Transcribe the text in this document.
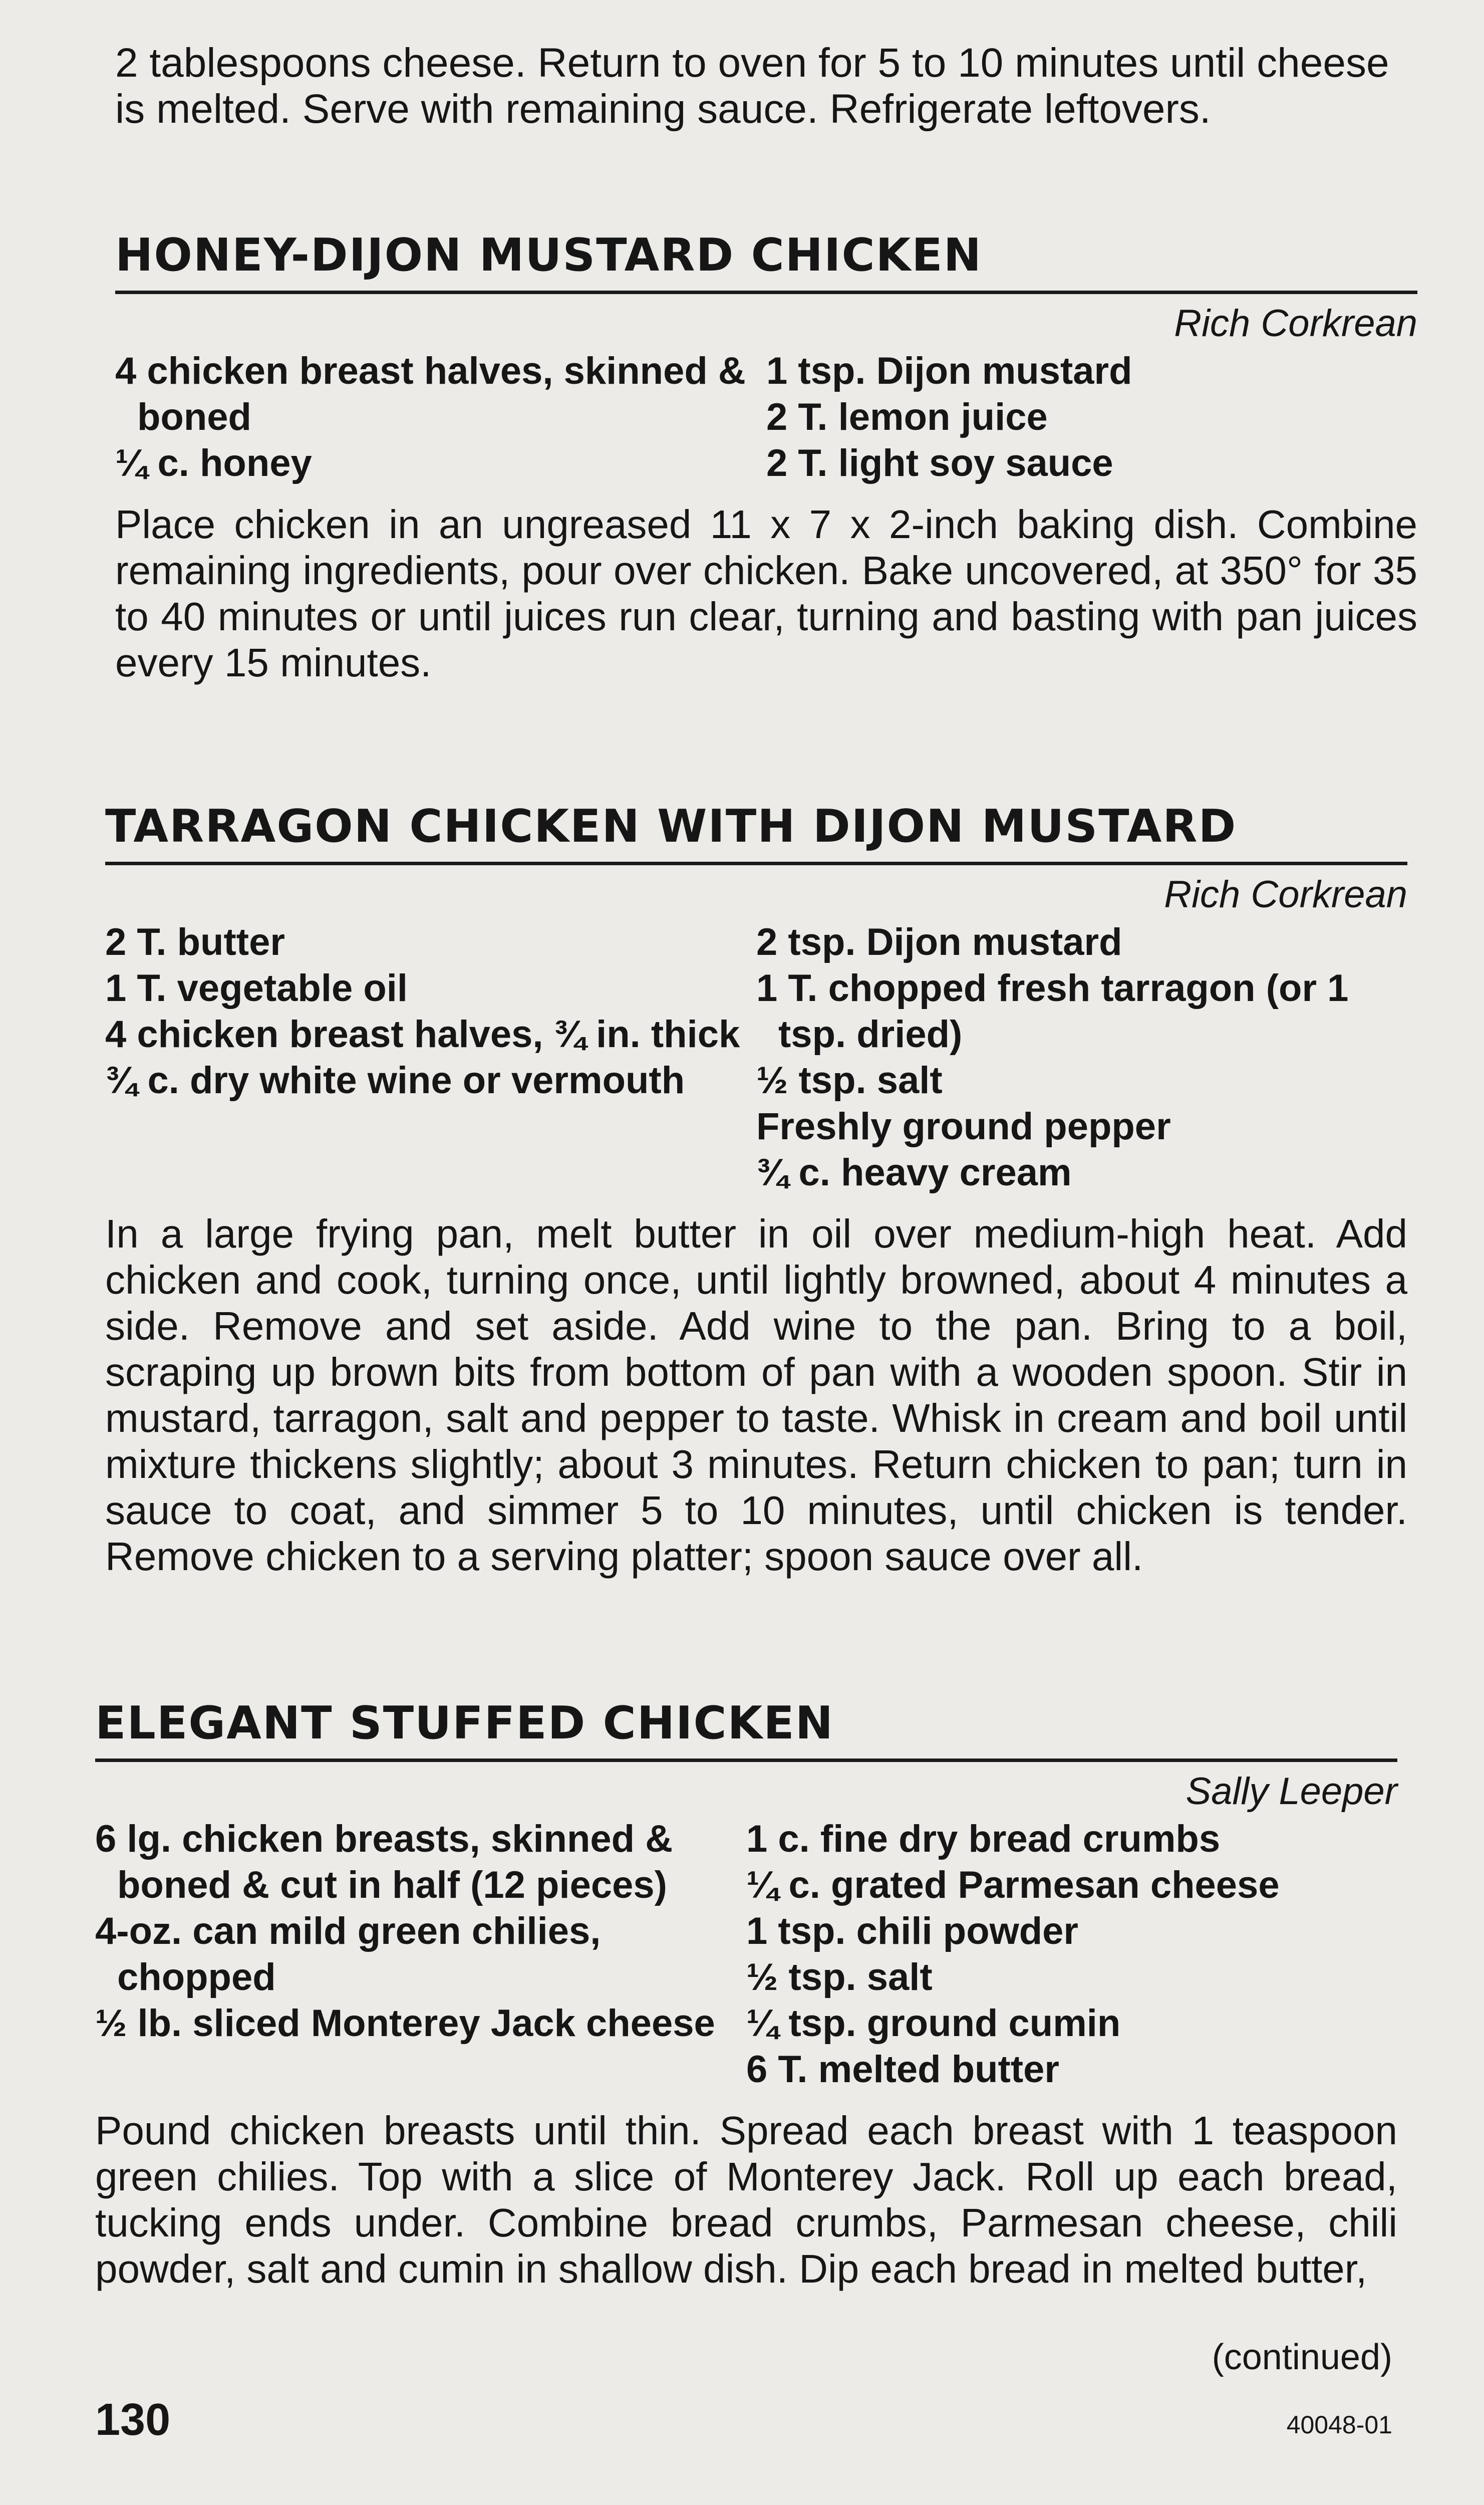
2 tablespoons cheese. Return to oven for 5 to 10 minutes until cheese is melted. Serve with remaining sauce. Refrigerate leftovers.

HONEY-DIJON MUSTARD CHICKEN

Rich Corkrean

4 chicken breast halves, skinned & boned
¼ c. honey
1 tsp. Dijon mustard
2 T. lemon juice
2 T. light soy sauce

Place chicken in an ungreased 11 x 7 x 2-inch baking dish. Combine remaining ingredients, pour over chicken. Bake uncovered, at 350° for 35 to 40 minutes or until juices run clear, turning and basting with pan juices every 15 minutes.

TARRAGON CHICKEN WITH DIJON MUSTARD

Rich Corkrean

2 T. butter
1 T. vegetable oil
4 chicken breast halves, ¾ in. thick
¾ c. dry white wine or vermouth
2 tsp. Dijon mustard
1 T. chopped fresh tarragon (or 1 tsp. dried)
½ tsp. salt
Freshly ground pepper
¾ c. heavy cream

In a large frying pan, melt butter in oil over medium-high heat. Add chicken and cook, turning once, until lightly browned, about 4 minutes a side. Remove and set aside. Add wine to the pan. Bring to a boil, scraping up brown bits from bottom of pan with a wooden spoon. Stir in mustard, tarragon, salt and pepper to taste. Whisk in cream and boil until mixture thickens slightly; about 3 minutes. Return chicken to pan; turn in sauce to coat, and simmer 5 to 10 minutes, until chicken is tender. Remove chicken to a serving platter; spoon sauce over all.

ELEGANT STUFFED CHICKEN

Sally Leeper

6 lg. chicken breasts, skinned & boned & cut in half (12 pieces)
4-oz. can mild green chilies, chopped
½ lb. sliced Monterey Jack cheese
1 c. fine dry bread crumbs
¼ c. grated Parmesan cheese
1 tsp. chili powder
½ tsp. salt
¼ tsp. ground cumin
6 T. melted butter

Pound chicken breasts until thin. Spread each breast with 1 teaspoon green chilies. Top with a slice of Monterey Jack. Roll up each bread, tucking ends under. Combine bread crumbs, Parmesan cheese, chili powder, salt and cumin in shallow dish. Dip each bread in melted butter,

(continued)
130	40048-01
